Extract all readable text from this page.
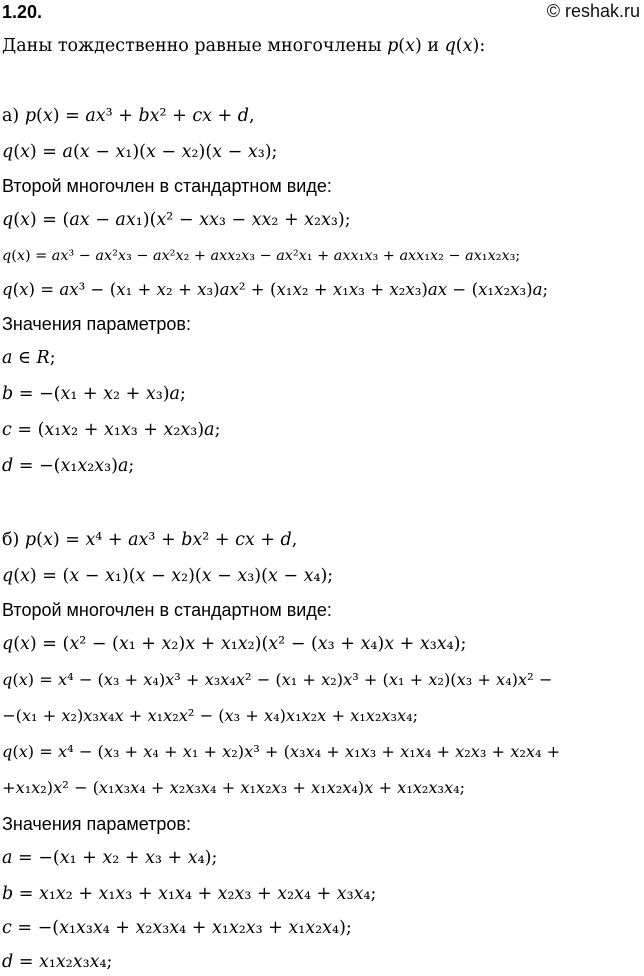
1.20.	© reshak.ru
Даны тождественно равные многочлены 𝑝(𝑥) и 𝑞(𝑥):
а) 𝑝(𝑥) = 𝑎𝑥³ + 𝑏𝑥² + 𝑐𝑥 + 𝑑,
𝑞(𝑥) = 𝑎(𝑥 − 𝑥₁)(𝑥 − 𝑥₂)(𝑥 − 𝑥₃);
Второй многочлен в стандартном виде:
𝑞(𝑥) = (𝑎𝑥 − 𝑎𝑥₁)(𝑥² − 𝑥𝑥₃ − 𝑥𝑥₂ + 𝑥₂𝑥₃);
𝑞(𝑥) = 𝑎𝑥³ − 𝑎𝑥²𝑥₃ − 𝑎𝑥²𝑥₂ + 𝑎𝑥𝑥₂𝑥₃ − 𝑎𝑥²𝑥₁ + 𝑎𝑥𝑥₁𝑥₃ + 𝑎𝑥𝑥₁𝑥₂ − 𝑎𝑥₁𝑥₂𝑥₃;
𝑞(𝑥) = 𝑎𝑥³ − (𝑥₁ + 𝑥₂ + 𝑥₃)𝑎𝑥² + (𝑥₁𝑥₂ + 𝑥₁𝑥₃ + 𝑥₂𝑥₃)𝑎𝑥 − (𝑥₁𝑥₂𝑥₃)𝑎;
Значения параметров:
𝑎 ∈ 𝑅;
𝑏 = −(𝑥₁ + 𝑥₂ + 𝑥₃)𝑎;
𝑐 = (𝑥₁𝑥₂ + 𝑥₁𝑥₃ + 𝑥₂𝑥₃)𝑎;
𝑑 = −(𝑥₁𝑥₂𝑥₃)𝑎;
б) 𝑝(𝑥) = 𝑥⁴ + 𝑎𝑥³ + 𝑏𝑥² + 𝑐𝑥 + 𝑑,
𝑞(𝑥) = (𝑥 − 𝑥₁)(𝑥 − 𝑥₂)(𝑥 − 𝑥₃)(𝑥 − 𝑥₄);
Второй многочлен в стандартном виде:
𝑞(𝑥) = (𝑥² − (𝑥₁ + 𝑥₂)𝑥 + 𝑥₁𝑥₂)(𝑥² − (𝑥₃ + 𝑥₄)𝑥 + 𝑥₃𝑥₄);
𝑞(𝑥) = 𝑥⁴ − (𝑥₃ + 𝑥₄)𝑥³ + 𝑥₃𝑥₄𝑥² − (𝑥₁ + 𝑥₂)𝑥³ + (𝑥₁ + 𝑥₂)(𝑥₃ + 𝑥₄)𝑥² −
−(𝑥₁ + 𝑥₂)𝑥₃𝑥₄𝑥 + 𝑥₁𝑥₂𝑥² − (𝑥₃ + 𝑥₄)𝑥₁𝑥₂𝑥 + 𝑥₁𝑥₂𝑥₃𝑥₄;
𝑞(𝑥) = 𝑥⁴ − (𝑥₃ + 𝑥₄ + 𝑥₁ + 𝑥₂)𝑥³ + (𝑥₃𝑥₄ + 𝑥₁𝑥₃ + 𝑥₁𝑥₄ + 𝑥₂𝑥₃ + 𝑥₂𝑥₄ +
+𝑥₁𝑥₂)𝑥² − (𝑥₁𝑥₃𝑥₄ + 𝑥₂𝑥₃𝑥₄ + 𝑥₁𝑥₂𝑥₃ + 𝑥₁𝑥₂𝑥₄)𝑥 + 𝑥₁𝑥₂𝑥₃𝑥₄;
Значения параметров:
𝑎 = −(𝑥₁ + 𝑥₂ + 𝑥₃ + 𝑥₄);
𝑏 = 𝑥₁𝑥₂ + 𝑥₁𝑥₃ + 𝑥₁𝑥₄ + 𝑥₂𝑥₃ + 𝑥₂𝑥₄ + 𝑥₃𝑥₄;
𝑐 = −(𝑥₁𝑥₃𝑥₄ + 𝑥₂𝑥₃𝑥₄ + 𝑥₁𝑥₂𝑥₃ + 𝑥₁𝑥₂𝑥₄);
𝑑 = 𝑥₁𝑥₂𝑥₃𝑥₄;
